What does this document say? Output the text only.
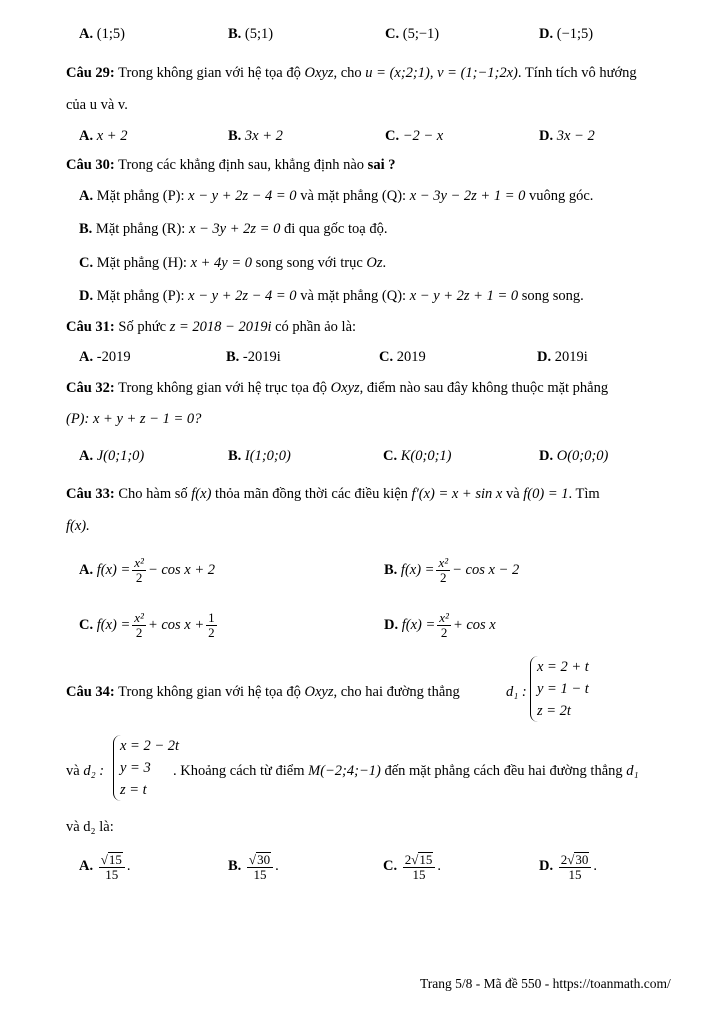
A. (1;5)	B. (5;1)	C. (5;−1)	D. (−1;5)
Câu 29: Trong không gian với hệ tọa độ Oxyz, cho u = (x;2;1), v = (1;−1;2x). Tính tích vô hướng
của u và v.
A. x + 2	B. 3x + 2	C. −2 − x	D. 3x − 2
Câu 30: Trong các khẳng định sau, khẳng định nào sai ?
A. Mặt phẳng (P): x − y + 2z − 4 = 0 và mặt phẳng (Q): x − 3y − 2z + 1 = 0 vuông góc.
B. Mặt phẳng (R): x − 3y + 2z = 0 đi qua gốc toạ độ.
C. Mặt phẳng (H): x + 4y = 0 song song với trục Oz.
D. Mặt phẳng (P): x − y + 2z − 4 = 0 và mặt phẳng (Q): x − y + 2z + 1 = 0 song song.
Câu 31: Số phức z = 2018 − 2019i có phần ảo là:
A. -2019	B. -2019i	C. 2019	D. 2019i
Câu 32: Trong không gian với hệ trục tọa độ Oxyz, điểm nào sau đây không thuộc mặt phẳng
(P): x + y + z − 1 = 0?
A. J(0;1;0)	B. I(1;0;0)	C. K(0;0;1)	D. O(0;0;0)
Câu 33: Cho hàm số f(x) thỏa mãn đồng thời các điều kiện f′(x) = x + sin x và f(0) = 1. Tìm
f(x).
A. $f(x) = \frac{\text{x²}}{2} - \cos x + 2$	B. $f(x) = \frac{\text{x²}}{2} - \cos x - 2$
C. $f(x) = \frac{\text{x²}}{2} + \cos x + \frac{1}{2}$	D. $f(x) = \frac{\text{x²}}{2} + \cos x$
Câu 34: Trong không gian với hệ tọa độ Oxyz, cho hai đường thẳng	d₁ :
x = 2 + t
y = 1 − t
z = 2t
và d₂ :
x = 2 − 2t
y = 3
z = t
. Khoảng cách từ điểm M(−2;4;−1) đến mặt phẳng cách đều hai đường thẳng d₁
và d₂ là:
A. $\frac{√15}{15}$ .	B. $\frac{√30}{15}$ .	C. $\frac{2√15}{15}$ .	D. $\frac{2√30}{15}$ .
Trang 5/8 - Mã đề 550 - https://toanmath.com/
